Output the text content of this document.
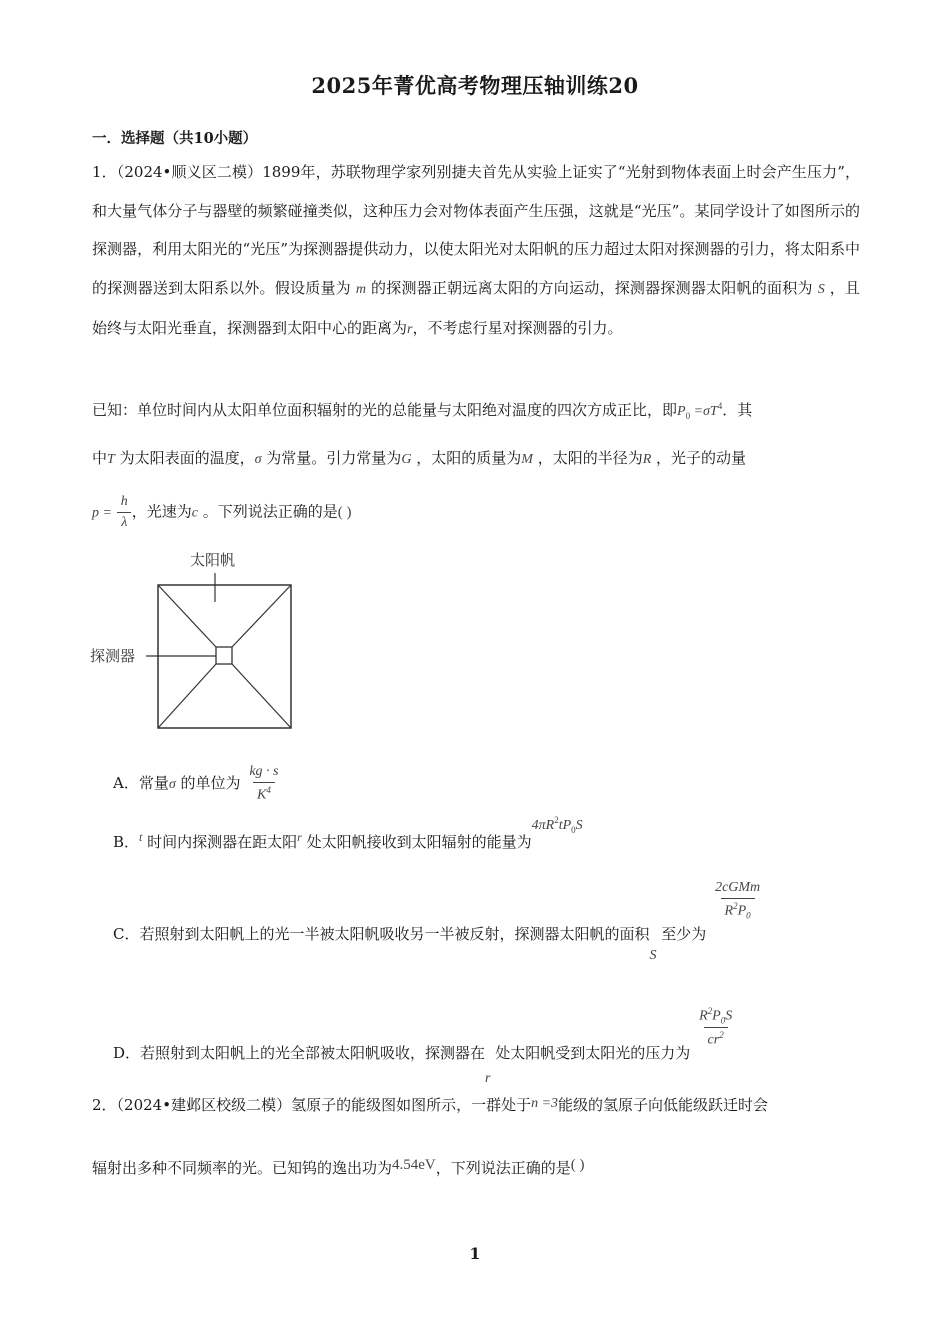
2025年菁优高考物理压轴训练20
一．选择题（共10小题）
1．（2024•顺义区二模）1899年，苏联物理学家列别捷夫首先从实验上证实了“光射到物体表面上时会产生压力”，和大量气体分子与器壁的频繁碰撞类似，这种压力会对物体表面产生压强，这就是“光压”。某同学设计了如图所示的探测器，利用太阳光的“光压”为探测器提供动力，以使太阳光对太阳帆的压力超过太阳对探测器的引力，将太阳系中的探测器送到太阳系以外。假设质量为 m 的探测器正朝远离太阳的方向运动，探测器探测器太阳帆的面积为 S ，且始终与太阳光垂直，探测器到太阳中心的距离为r，不考虑行星对探测器的引力。
已知：单位时间内从太阳单位面积辐射的光的总能量与太阳绝对温度的四次方成正比，即$P_0 =\sigma T^4$．其
中T 为太阳表面的温度，σ 为常量。引力常量为G ，太阳的质量为M ，太阳的半径为R ，光子的动量
$p = \frac{h}{\lambda}$ ，光速为c 。下列说法正确的是( )
太阳帆
探测器
A．常量σ 的单位为 $\frac{kg \cdot s}{K^4}$
B．$^t$ 时间内探测器在距太阳$^r$ 处太阳帆接收到太阳辐射的能量为$4\pi R^2tP_0S$
C．若照射到太阳帆上的光一半被太阳帆吸收另一半被反射，探测器太阳帆的面积S 至少为
$\frac{\text{2cGMm}}{R^2P_0}$
D．若照射到太阳帆上的光全部被太阳帆吸收，探测器在r 处太阳帆受到太阳光的压力为
$\frac{R^2P_0S}{cr^2}$
2．（2024•建邺区校级二模）氢原子的能级图如图所示，一群处于n =3能级的氢原子向低能级跃迁时会
辐射出多种不同频率的光。已知钨的逸出功为4.54eV，下列说法正确的是( )
1
